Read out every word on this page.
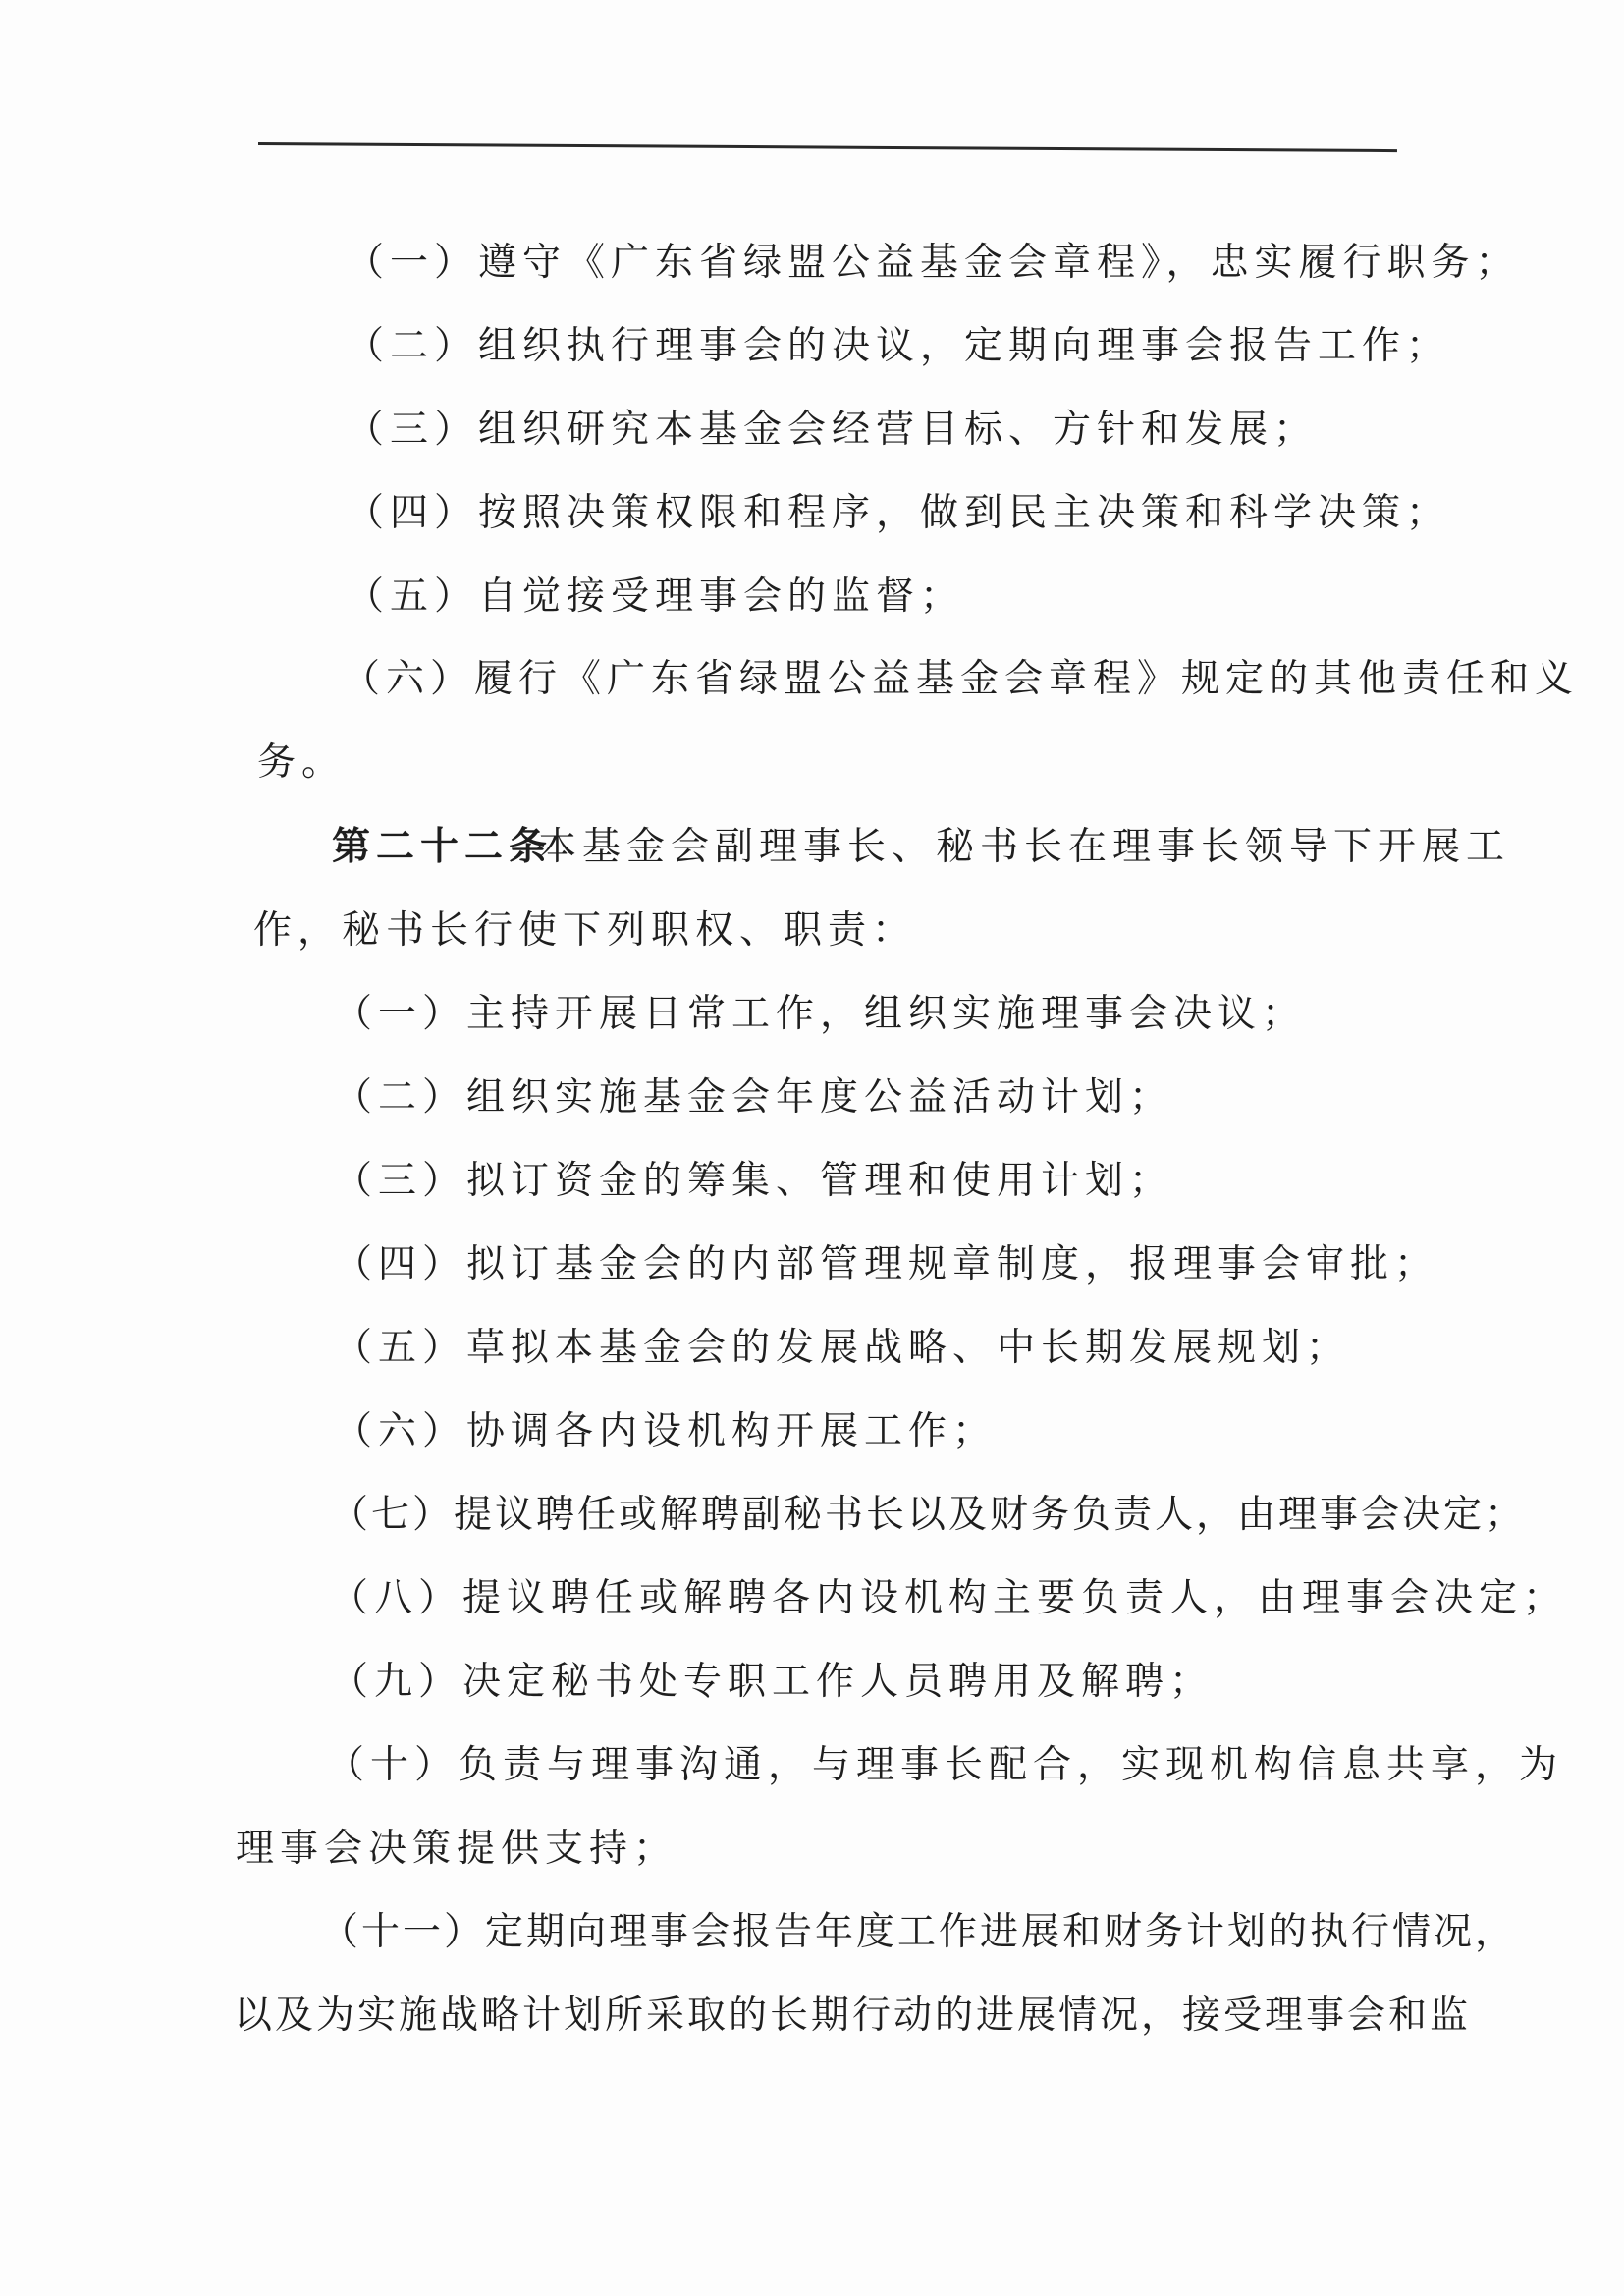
（一）遵守《广东省绿盟公益基金会章程》，忠实履行职务；
（二）组织执行理事会的决议，定期向理事会报告工作；
（三）组织研究本基金会经营目标、方针和发展；
（四）按照决策权限和程序，做到民主决策和科学决策；
（五）自觉接受理事会的监督；
（六）履行《广东省绿盟公益基金会章程》规定的其他责任和义
务。
第二十二条
本基金会副理事长、秘书长在理事长领导下开展工
作，秘书长行使下列职权、职责：
（一）主持开展日常工作，组织实施理事会决议；
（二）组织实施基金会年度公益活动计划；
（三）拟订资金的筹集、管理和使用计划；
（四）拟订基金会的内部管理规章制度，报理事会审批；
（五）草拟本基金会的发展战略、中长期发展规划；
（六）协调各内设机构开展工作；
（七）提议聘任或解聘副秘书长以及财务负责人，由理事会决定；
（八）提议聘任或解聘各内设机构主要负责人，由理事会决定；
（九）决定秘书处专职工作人员聘用及解聘；
（十）负责与理事沟通，与理事长配合，实现机构信息共享，为
理事会决策提供支持；
（十一）定期向理事会报告年度工作进展和财务计划的执行情况，
以及为实施战略计划所采取的长期行动的进展情况，接受理事会和监
